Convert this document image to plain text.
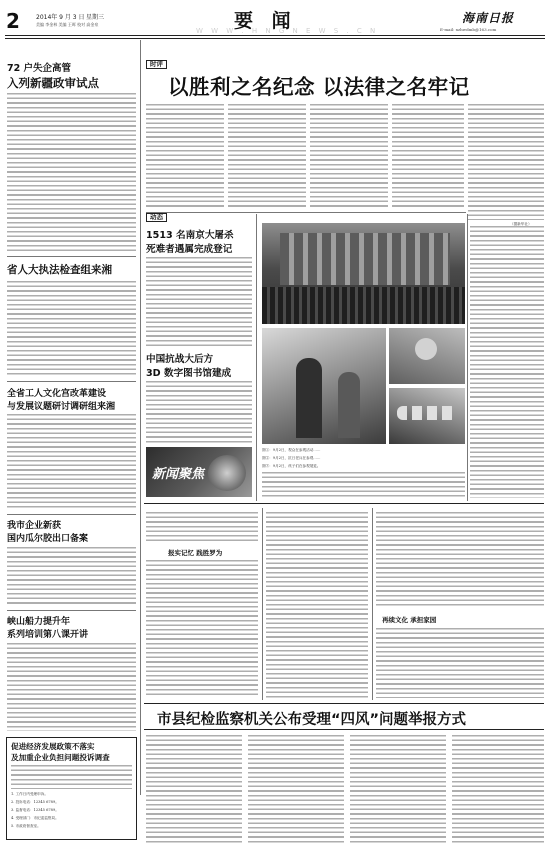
2	2014年 9 月 3 日 星期三
美编 李金林 美编 王晖 校对 高金泉	要 闻
W W W . H N G N E W S . C N
海南日报
E-mail: xzhwdmb@163.com
72 户失企高管
入列新疆政审试点
省人大执法检查组来湘
全省工人文化宫改革建设
与发展议题研讨调研组来湘
我市企业新获
国内瓜尔胶出口备案
峡山船力提升年
系列培训第八课开讲
促进经济发展政策不落实
及加重企业负担问题投诉调查
1. 工作日内受理申诉。
2. 投诉电话：12345 6789。
3. 监督电话：12345 6789。
4. 受理部门：市纪委监察局。
5. 市政府督查室。
时评
以胜利之名纪念 以法律之名牢记
（据新华社）
动态
1513 名南京大屠杀
死难者遇属完成登记
中国抗战大后方
3D 数字图书馆建成
新闻聚焦
图①：9月2日，观众在参观活动……
图②：9月2日，抗日老兵在参观……
图③：9月2日，孩子们在参观展览。
报实记忆 践胜罗为
再续文化 承担家园
市县纪检监察机关公布受理“四风”问题举报方式
